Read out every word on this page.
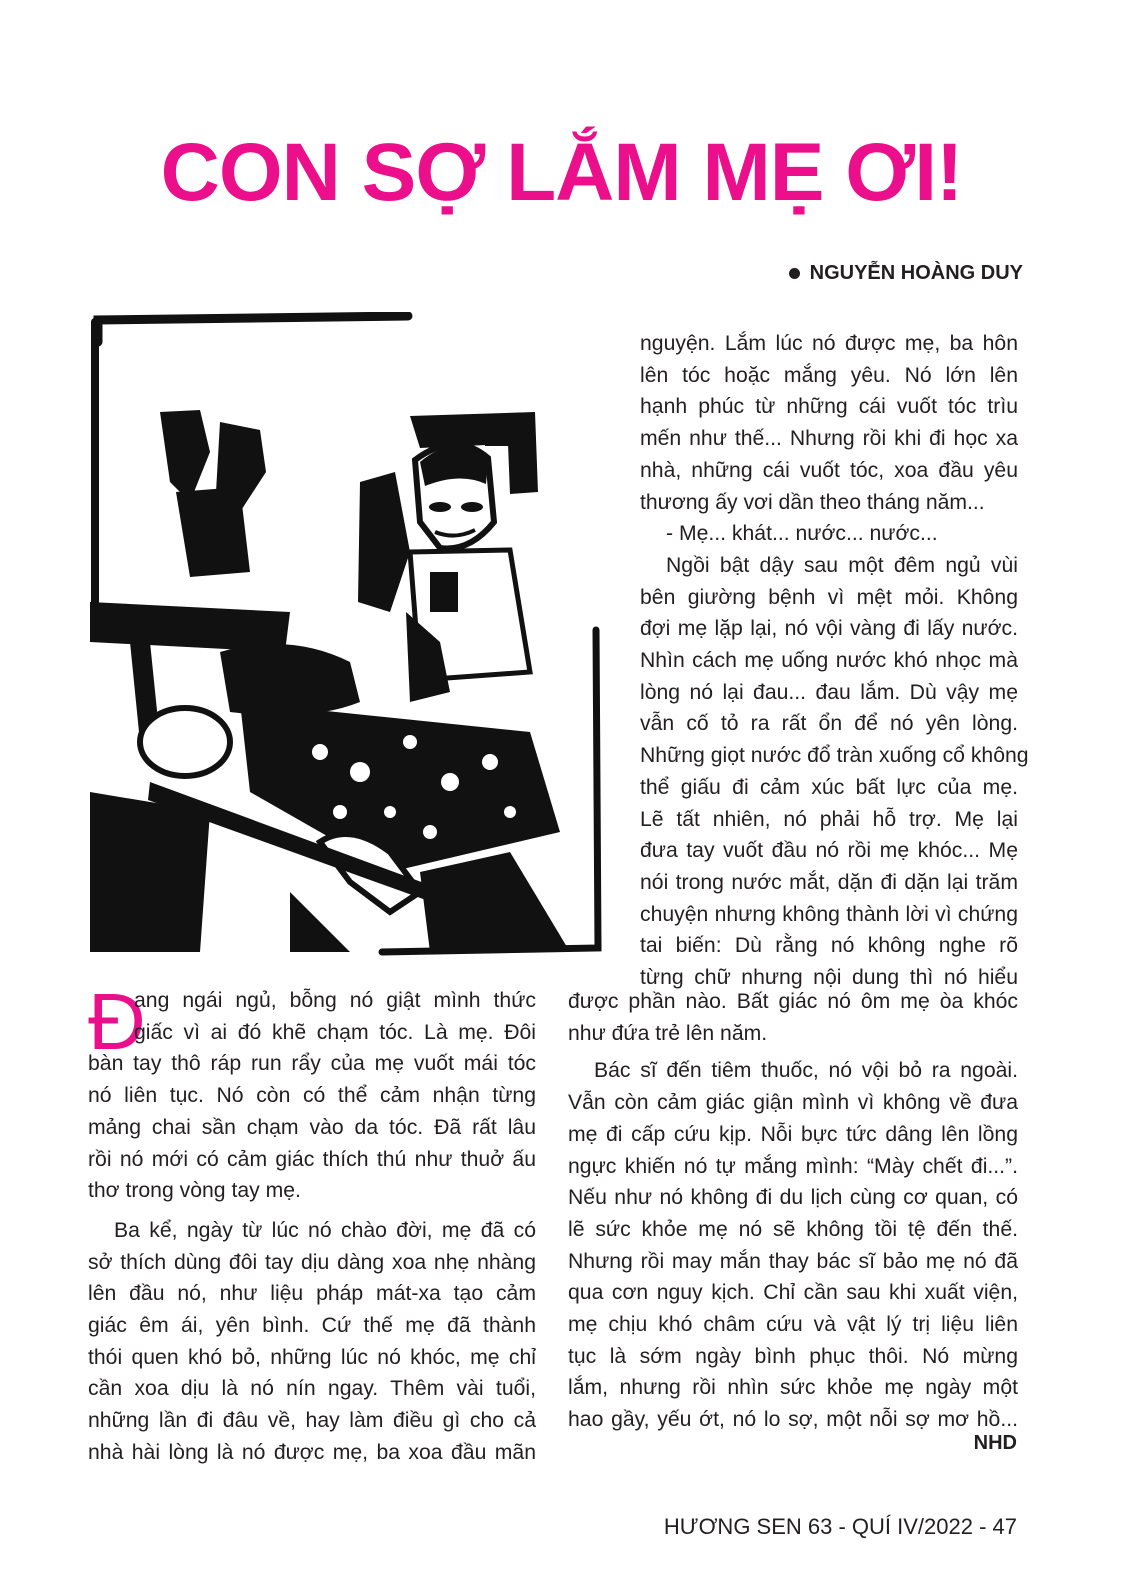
CON SỢ LẮM MẸ ƠI!
NGUYỄN HOÀNG DUY
nguyện. Lắm lúc nó được mẹ, ba hôn
lên tóc hoặc mắng yêu. Nó lớn lên
hạnh phúc từ những cái vuốt tóc trìu
mến như thế... Nhưng rồi khi đi học xa
nhà, những cái vuốt tóc, xoa đầu yêu
thương ấy vơi dần theo tháng năm...
- Mẹ... khát... nước... nước...
Ngồi bật dậy sau một đêm ngủ vùi
bên giường bệnh vì mệt mỏi. Không
đợi mẹ lặp lại, nó vội vàng đi lấy nước.
Nhìn cách mẹ uống nước khó nhọc mà
lòng nó lại đau... đau lắm. Dù vậy mẹ
vẫn cố tỏ ra rất ổn để nó yên lòng.
Những giọt nước đổ tràn xuống cổ không
thể giấu đi cảm xúc bất lực của mẹ.
Lẽ tất nhiên, nó phải hỗ trợ. Mẹ lại
đưa tay vuốt đầu nó rồi mẹ khóc... Mẹ
nói trong nước mắt, dặn đi dặn lại trăm
chuyện nhưng không thành lời vì chứng
tai biến: Dù rằng nó không nghe rõ
từng chữ nhưng nội dung thì nó hiểu
Đ
ang ngái ngủ, bỗng nó giật mình thức
giấc vì ai đó khẽ chạm tóc. Là mẹ. Đôi
bàn tay thô ráp run rẩy của mẹ vuốt mái tóc
nó liên tục. Nó còn có thể cảm nhận từng
mảng chai sần chạm vào da tóc. Đã rất lâu
rồi nó mới có cảm giác thích thú như thuở ấu
thơ trong vòng tay mẹ.
Ba kể, ngày từ lúc nó chào đời, mẹ đã có
sở thích dùng đôi tay dịu dàng xoa nhẹ nhàng
lên đầu nó, như liệu pháp mát-xa tạo cảm
giác êm ái, yên bình. Cứ thế mẹ đã thành
thói quen khó bỏ, những lúc nó khóc, mẹ chỉ
cần xoa dịu là nó nín ngay. Thêm vài tuổi,
những lần đi đâu về, hay làm điều gì cho cả
nhà hài lòng là nó được mẹ, ba xoa đầu mãn
được phần nào. Bất giác nó ôm mẹ òa khóc
như đứa trẻ lên năm.
Bác sĩ đến tiêm thuốc, nó vội bỏ ra ngoài.
Vẫn còn cảm giác giận mình vì không về đưa
mẹ đi cấp cứu kịp. Nỗi bực tức dâng lên lồng
ngực khiến nó tự mắng mình: “Mày chết đi...”.
Nếu như nó không đi du lịch cùng cơ quan, có
lẽ sức khỏe mẹ nó sẽ không tồi tệ đến thế.
Nhưng rồi may mắn thay bác sĩ bảo mẹ nó đã
qua cơn nguy kịch. Chỉ cần sau khi xuất viện,
mẹ chịu khó châm cứu và vật lý trị liệu liên
tục là sớm ngày bình phục thôi. Nó mừng
lắm, nhưng rồi nhìn sức khỏe mẹ ngày một
hao gầy, yếu ớt, nó lo sợ, một nỗi sợ mơ hồ...
NHD
HƯƠNG SEN 63 - QUÍ IV/2022 - 47
